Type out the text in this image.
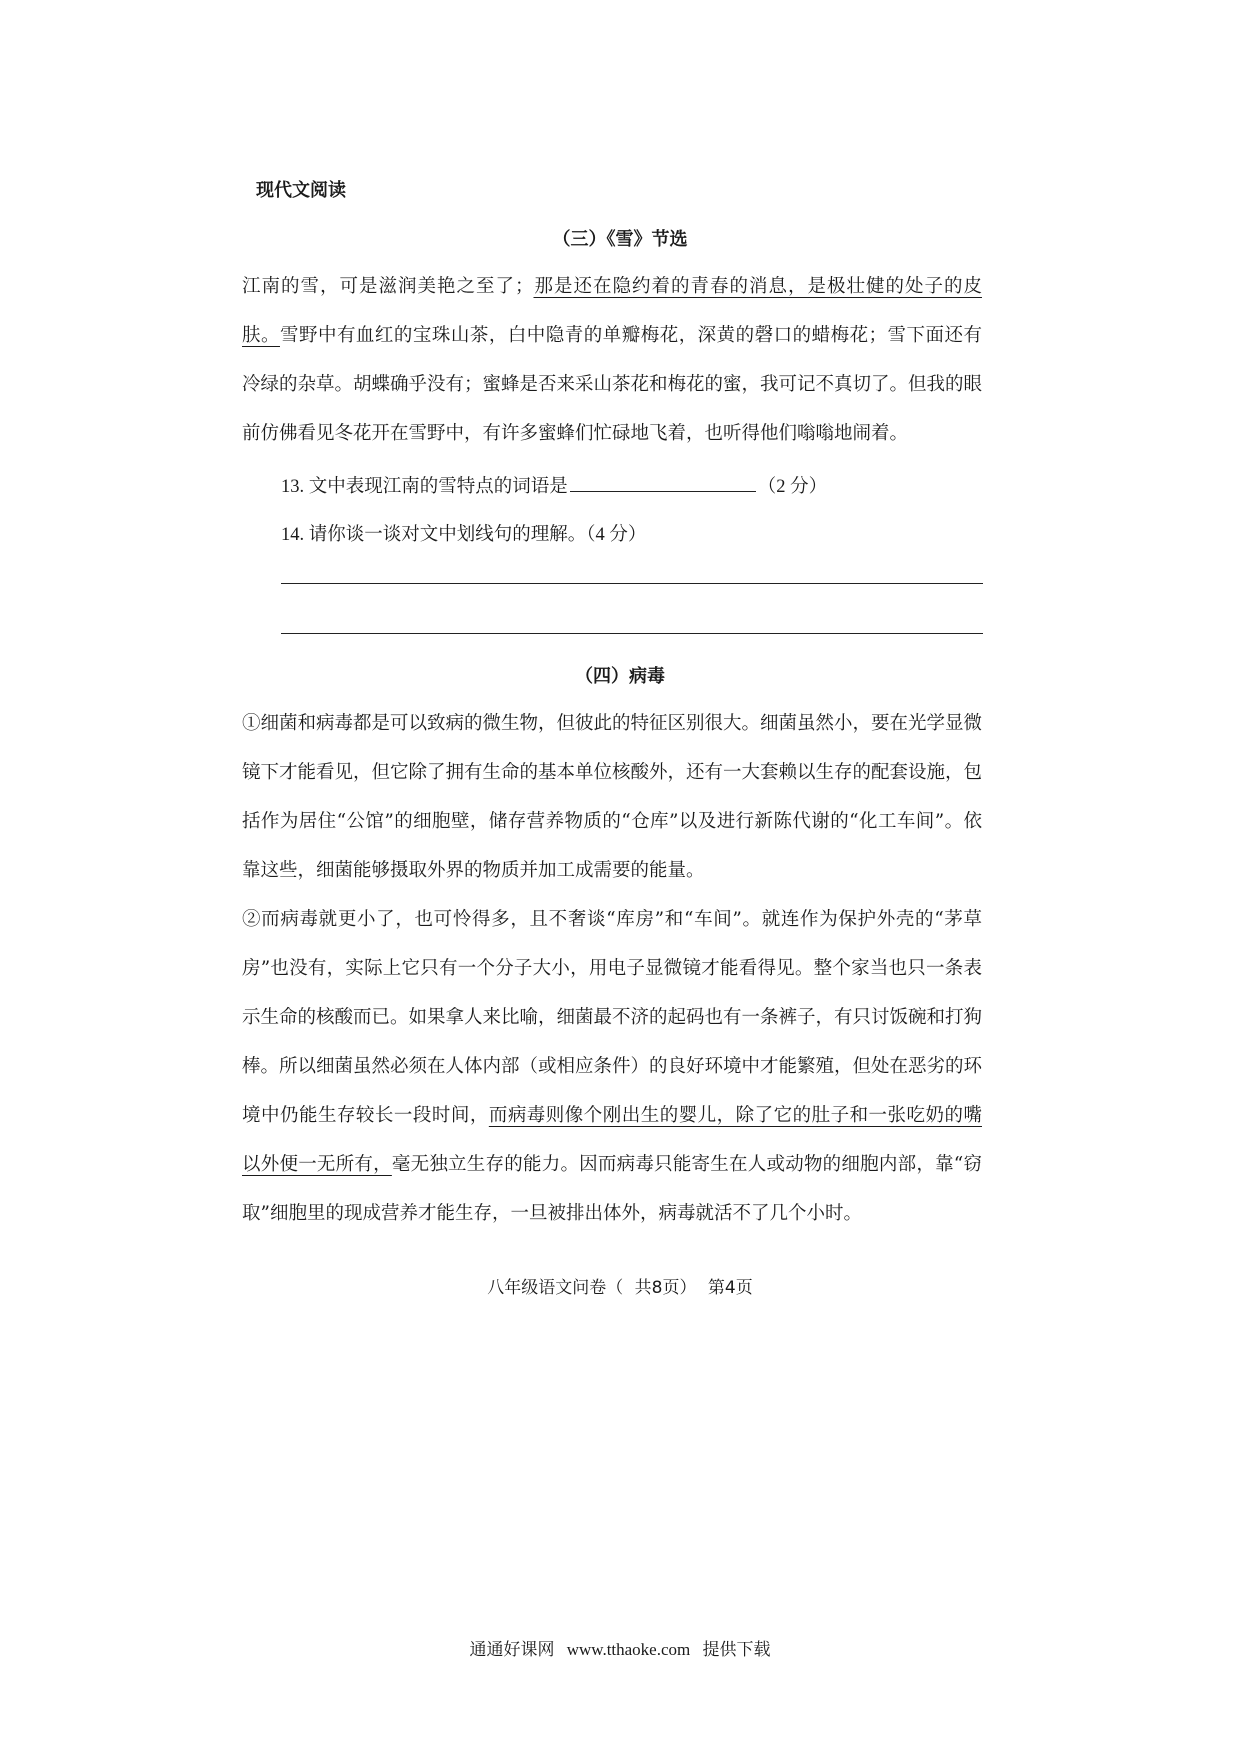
现代文阅读
（三）《雪》节选

江南的雪，可是滋润美艳之至了；那是还在隐约着的青春的消息，是极壮健的处子的皮肤。雪野中有血红的宝珠山茶，白中隐青的单瓣梅花，深黄的磬口的蜡梅花；雪下面还有冷绿的杂草。胡蝶确乎没有；蜜蜂是否来采山茶花和梅花的蜜，我可记不真切了。但我的眼前仿佛看见冬花开在雪野中，有许多蜜蜂们忙碌地飞着，也听得他们嗡嗡地闹着。

13. 文中表现江南的雪特点的词语是	（2 分）
14. 请你谈一谈对文中划线句的理解。（4 分）
（四）病毒

①细菌和病毒都是可以致病的微生物，但彼此的特征区别很大。细菌虽然小，要在光学显微镜下才能看见，但它除了拥有生命的基本单位核酸外，还有一大套赖以生存的配套设施，包括作为居住“公馆”的细胞壁，储存营养物质的“仓库”以及进行新陈代谢的“化工车间”。依靠这些，细菌能够摄取外界的物质并加工成需要的能量。

②而病毒就更小了，也可怜得多，且不奢谈“库房”和“车间”。就连作为保护外壳的“茅草房”也没有，实际上它只有一个分子大小，用电子显微镜才能看得见。整个家当也只一条表示生命的核酸而已。如果拿人来比喻，细菌最不济的起码也有一条裤子，有只讨饭碗和打狗棒。所以细菌虽然必须在人体内部（或相应条件）的良好环境中才能繁殖，但处在恶劣的环境中仍能生存较长一段时间，而病毒则像个刚出生的婴儿，除了它的肚子和一张吃奶的嘴以外便一无所有，毫无独立生存的能力。因而病毒只能寄生在人或动物的细胞内部，靠“窃取”细胞里的现成营养才能生存，一旦被排出体外，病毒就活不了几个小时。

八年级语文问卷（ 共8页） 第4页
通通好课网 www.tthaoke.com 提供下载
